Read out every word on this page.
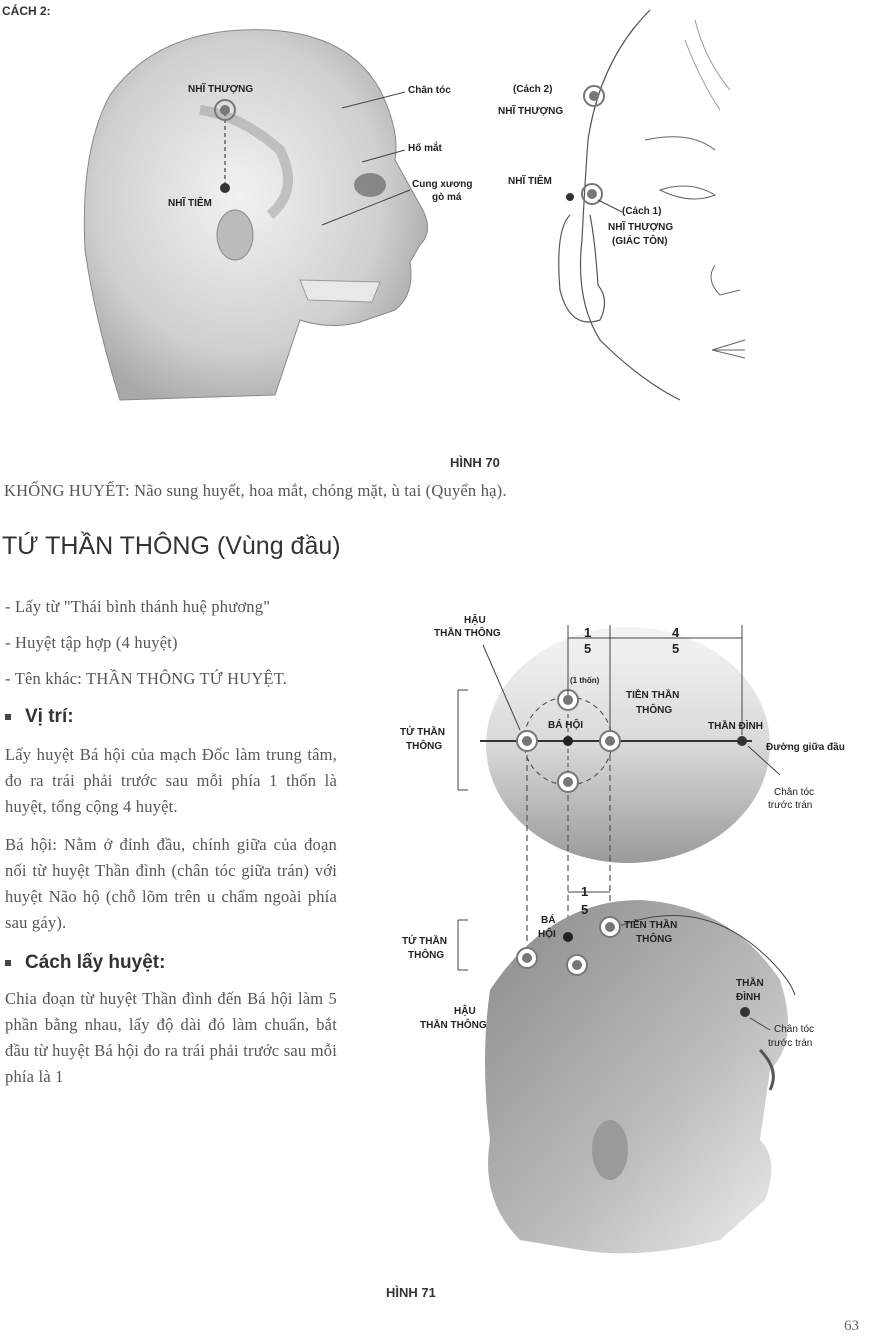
CÁCH 2:
NHĨ THƯỢNG
NHĨ TIÊM
Chân tóc
Hố mắt
Cung xương
gò má
(Cách 2)
NHĨ THƯỢNG
NHĨ TIÊM
(Cách 1)
NHĨ THƯỢNG
(GIÁC TÔN)
HÌNH 70
KHỐNG HUYẾT: Não sung huyết, hoa mắt, chóng mặt, ù tai (Quyển hạ).
TỨ THẦN THÔNG (Vùng đầu)
- Lấy từ "Thái bình thánh huệ phương"
- Huyệt tập hợp (4 huyệt)
- Tên khác: THẦN THÔNG TỨ HUYỆT.
Vị trí:
Lấy huyệt Bá hội của mạch Đốc làm trung tâm, đo ra trái phải trước sau mỗi phía 1 thốn là huyệt, tổng cộng 4 huyệt.
Bá hội: Nằm ở đỉnh đầu, chính giữa của đoạn nối từ huyệt Thần đình (chân tóc giữa trán) với huyệt Não hộ (chỗ lõm trên u chẩm ngoài phía sau gáy).
Cách lấy huyệt:
Chia đoạn từ huyệt Thần đình đến Bá hội làm 5 phần bằng nhau, lấy độ dài đó làm chuẩn, bắt đầu từ huyệt Bá hội đo ra trái phải trước sau mỗi phía là 1
HẬU
THẦN THÔNG	1
5
4
5
(1 thốn)
TIỀN THẦN
THÔNG
BÁ HỘI
TỨ THẦN
THÔNG
THẦN ĐÌNH
Đường giữa đầu
Chân tóc
trước trán
1
5
BÁ
HỘI
TIỀN THẦN
THÔNG
TỨ THẦN
THÔNG
THẦN
ĐÌNH
HẬU
THẦN THÔNG	Chân tóc
trước trán
HÌNH 71
63
